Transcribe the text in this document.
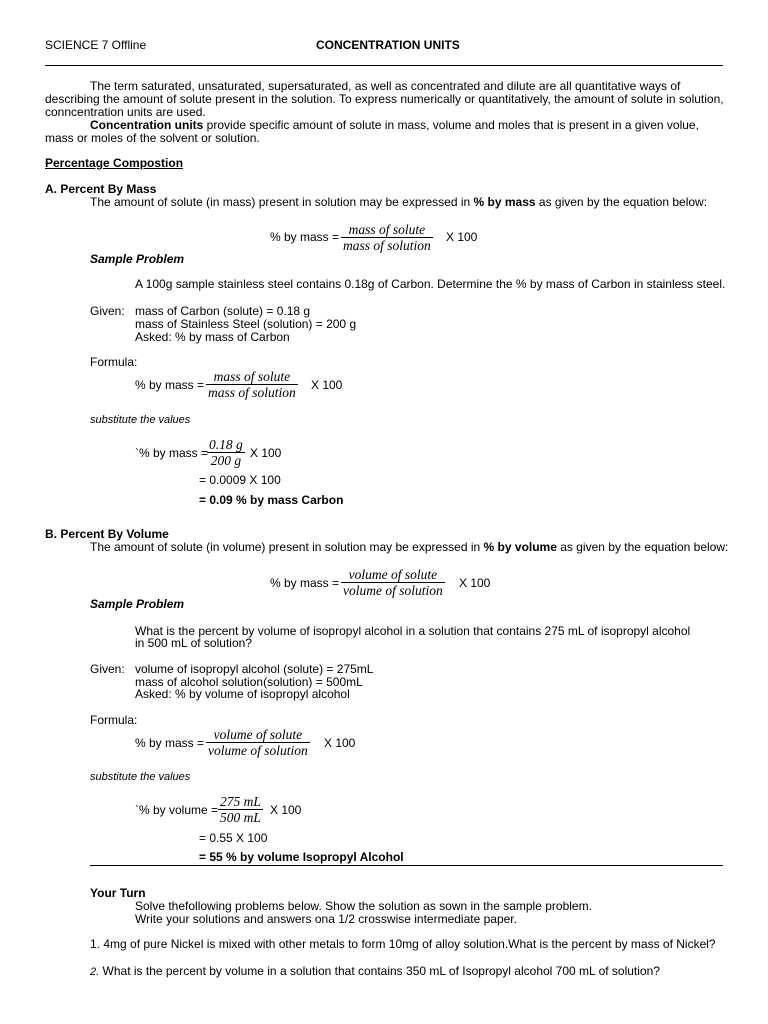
SCIENCE 7 Offline	CONCENTRATION UNITS
The term saturated, unsaturated, supersaturated, as well as concentrated and dilute are all quantitative ways of describing the amount of solute present in the solution. To express numerically or quantitatively, the amount of solute in solution, conncentration units are used.
Concentration units provide specific amount of solute in mass, volume and moles that is present in a given volue, mass or moles of the solvent or solution.
Percentage Compostion
A. Percent By Mass
The amount of solute (in mass) present in solution may be expressed in % by mass as given by the equation below:
% by mass = mass of solute
mass of solution
X 100
Sample Problem
A 100g sample stainless steel contains 0.18g of Carbon. Determine the % by mass of Carbon in stainless steel.
Given: mass of Carbon (solute) = 0.18 g
mass of Stainless Steel (solution) = 200 g
Asked: % by mass of Carbon
Formula:
% by mass =
mass of solute
mass of solution X 100
substitute the values
`% by mass =
$\frac{0.18 g}{200 g}$ X 100
= 0.0009 X 100
= 0.09 % by mass Carbon
B. Percent By Volume
The amount of solute (in volume) present in solution may be expressed in % by volume as given by the equation below:
% by mass =
volume of solute
volume of solution X 100
Sample Problem
What is the percent by volume of isopropyl alcohol in a solution that contains 275 mL of isopropyl alcohol
in 500 mL of solution?
Given: volume of isopropyl alcohol (solute) = 275mL
mass of alcohol solution(solution) = 500mL
Asked: % by volume of isopropyl alcohol
Formula:
% by mass =
volume of solute
volume of solution X 100
substitute the values
`% by volume = $\frac{275 mL}{500 mL}$ X 100
= 0.55 X 100
= 55 % by volume Isopropyl Alcohol
Your Turn
Solve thefollowing problems below. Show the solution as sown in the sample problem.
Write your solutions and answers ona 1/2 crosswise intermediate paper.
1. 4mg of pure Nickel is mixed with other metals to form 10mg of alloy solution.What is the percent by mass of Nickel?
2. What is the percent by volume in a solution that contains 350 mL of Isopropyl alcohol 700 mL of solution?
